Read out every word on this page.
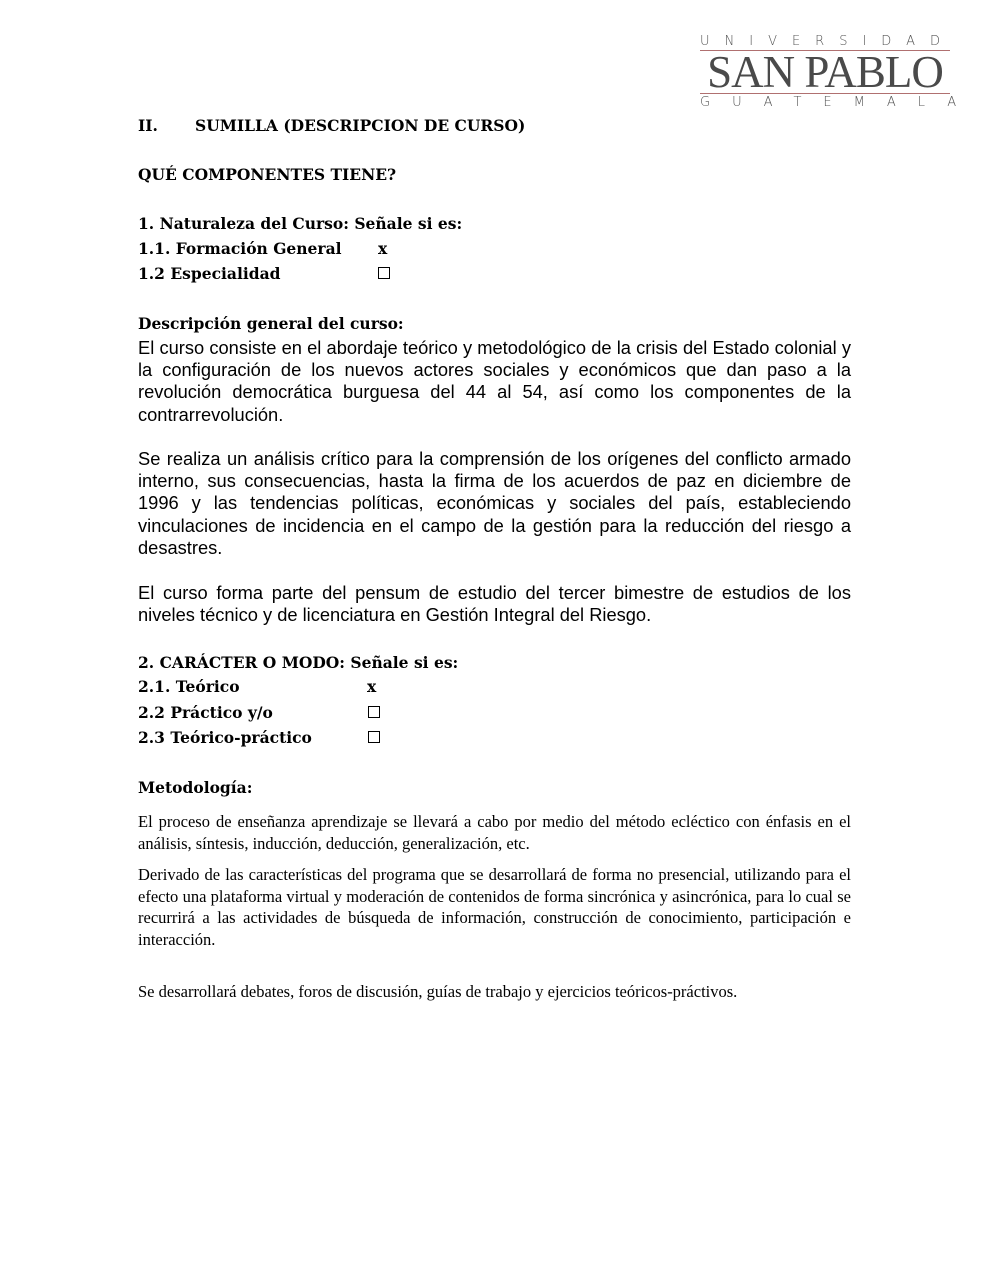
UNIVERSIDAD
SAN PABLO
GUATEMALA
II. SUMILLA (DESCRIPCION DE CURSO)
QUÉ COMPONENTES TIENE?
1. Naturaleza del Curso: Señale si es:
1.1. Formación General x
1.2 Especialidad
Descripción general del curso:
El curso consiste en el abordaje teórico y metodológico de la crisis del Estado colonial y la configuración de los nuevos actores sociales y económicos que dan paso a la revolución democrática burguesa del 44 al 54, así como los componentes de la contrarrevolución.
Se realiza un análisis crítico para la comprensión de los orígenes del conflicto armado interno, sus consecuencias, hasta la firma de los acuerdos de paz en diciembre de 1996 y las tendencias políticas, económicas y sociales del país, estableciendo vinculaciones de incidencia en el campo de la gestión para la reducción del riesgo a desastres.
El curso forma parte del pensum de estudio del tercer bimestre de estudios de los niveles técnico y de licenciatura en Gestión Integral del Riesgo.
2. CARÁCTER O MODO: Señale si es:
2.1. Teórico	x
2.2 Práctico y/o
2.3 Teórico-práctico
Metodología:
El proceso de enseñanza aprendizaje se llevará a cabo por medio del método ecléctico con énfasis en el análisis, síntesis, inducción, deducción, generalización, etc.
Derivado de las características del programa que se desarrollará de forma no presencial, utilizando para el efecto una plataforma virtual y moderación de contenidos de forma sincrónica y asincrónica, para lo cual se recurrirá a las actividades de búsqueda de información, construcción de conocimiento, participación e interacción.
Se desarrollará debates, foros de discusión, guías de trabajo y ejercicios teóricos-práctivos.
